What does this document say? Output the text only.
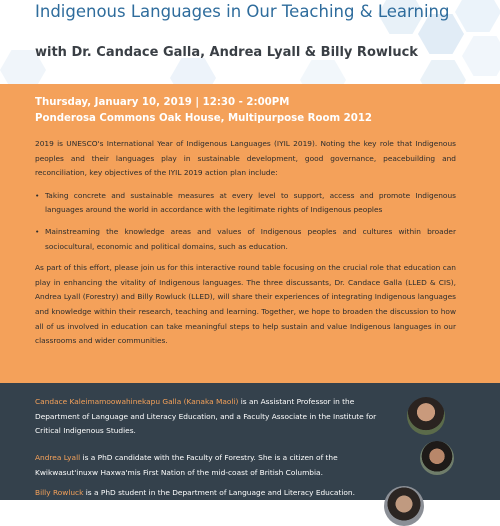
Indigenous Languages in Our Teaching & Learning
with Dr. Candace Galla, Andrea Lyall & Billy Rowluck
Thursday, January 10, 2019 | 12:30 - 2:00PM
Ponderosa Commons Oak House, Multipurpose Room 2012

2019 is UNESCO's International Year of Indigenous Languages (IYIL 2019). Noting the key role that Indigenous peoples and their languages play in sustainable development, good governance, peacebuilding and reconciliation, key objectives of the IYIL 2019 action plan include:

• Taking concrete and sustainable measures at every level to support, access and promote Indigenous languages around the world in accordance with the legitimate rights of Indigenous peoples
• Mainstreaming the knowledge areas and values of Indigenous peoples and cultures within broader sociocultural, economic and political domains, such as education.

As part of this effort, please join us for this interactive round table focusing on the crucial role that education can play in enhancing the vitality of Indigenous languages. The three discussants, Dr. Candace Galla (LLED & CIS), Andrea Lyall (Forestry) and Billy Rowluck (LLED), will share their experiences of integrating Indigenous languages and knowledge within their research, teaching and learning. Together, we hope to broaden the discussion to how all of us involved in education can take meaningful steps to help sustain and value Indigenous languages in our classrooms and wider communities.

Candace Kaleimamoowahinekapu Galla (Kanaka Maoli) is an Assistant Professor in the Department of Language and Literacy Education, and a Faculty Associate in the Institute for Critical Indigenous Studies.
Andrea Lyall is a PhD candidate with the Faculty of Forestry. She is a citizen of the Kwikwasut'inuxw Haxwa'mis First Nation of the mid-coast of British Columbia.
Billy Rowluck is a PhD student in the Department of Language and Literacy Education.
